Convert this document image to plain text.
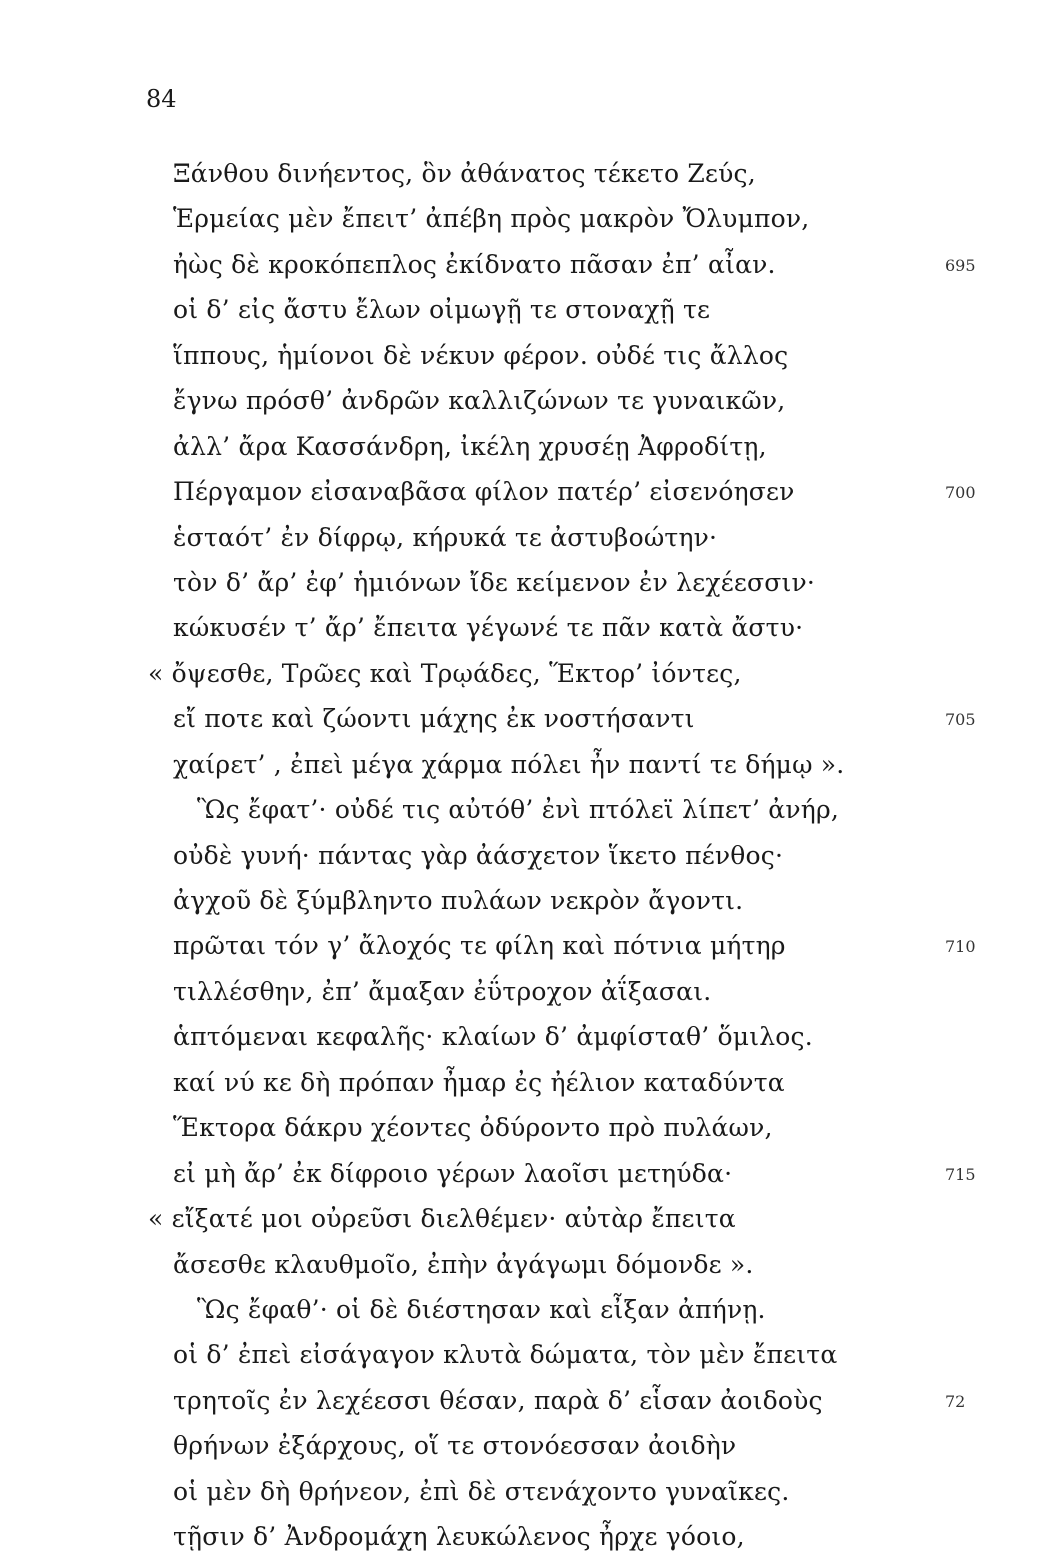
84
Ξάνθου δινήεντος, ὃν ἀθάνατος τέκετο Ζεύς,
Ἑρμείας μὲν ἔπειτ’ ἀπέβη πρὸς μακρὸν Ὄλυμπον,
ἠὼς δὲ κροκόπεπλος ἐκίδνατο πᾶσαν ἐπ’ αἶαν.	695
οἱ δ’ εἰς ἄστυ ἔλων οἰμωγῇ τε στοναχῇ τε
ἵππους, ἡμίονοι δὲ νέκυν φέρον. οὐδέ τις ἄλλος
ἔγνω πρόσθ’ ἀνδρῶν καλλιζώνων τε γυναικῶν,
ἀλλ’ ἄρα Κασσάνδρη, ἰκέλη χρυσέῃ Ἀφροδίτῃ,
Πέργαμον εἰσαναβᾶσα φίλον πατέρ’ εἰσενόησεν	700
ἑσταότ’ ἐν δίφρῳ, κήρυκά τε ἀστυβοώτην·
τὸν δ’ ἄρ’ ἐφ’ ἡμιόνων ἴδε κείμενον ἐν λεχέεσσιν·
κώκυσέν τ’ ἄρ’ ἔπειτα γέγωνέ τε πᾶν κατὰ ἄστυ·
« ὄψεσθε, Τρῶες καὶ Τρῳάδες, Ἕκτορ’ ἰόντες,
εἴ ποτε καὶ ζώοντι μάχης ἐκ νοστήσαντι	705
χαίρετ’ , ἐπεὶ μέγα χάρμα πόλει ἦν παντί τε δήμῳ ».
Ὣς ἔφατ’· οὐδέ τις αὐτόθ’ ἐνὶ πτόλεϊ λίπετ’ ἀνήρ,
οὐδὲ γυνή· πάντας γὰρ ἀάσχετον ἵκετο πένθος·
ἀγχοῦ δὲ ξύμβληντο πυλάων νεκρὸν ἄγοντι.
πρῶται τόν γ’ ἄλοχός τε φίλη καὶ πότνια μήτηρ	710
τιλλέσθην, ἐπ’ ἄμαξαν ἐΰτροχον ἀΐξασαι.
ἁπτόμεναι κεφαλῆς· κλαίων δ’ ἀμφίσταθ’ ὅμιλος.
καί νύ κε δὴ πρόπαν ἦμαρ ἐς ἠέλιον καταδύντα
Ἕκτορα δάκρυ χέοντες ὀδύροντο πρὸ πυλάων,
εἰ μὴ ἄρ’ ἐκ δίφροιο γέρων λαοῖσι μετηύδα·	715
« εἴξατέ μοι οὐρεῦσι διελθέμεν· αὐτὰρ ἔπειτα
ἄσεσθε κλαυθμοῖο, ἐπὴν ἀγάγωμι δόμονδε ».
Ὣς ἔφαθ’· οἱ δὲ διέστησαν καὶ εἶξαν ἀπήνῃ.
οἱ δ’ ἐπεὶ εἰσάγαγον κλυτὰ δώματα, τὸν μὲν ἔπειτα
τρητοῖς ἐν λεχέεσσι θέσαν, παρὰ δ’ εἷσαν ἀοιδοὺς	72
θρήνων ἐξάρχους, οἵ τε στονόεσσαν ἀοιδὴν
οἱ μὲν δὴ θρήνεον, ἐπὶ δὲ στενάχοντο γυναῖκες.
τῇσιν δ’ Ἀνδρομάχη λευκώλενος ἦρχε γόοιο,
